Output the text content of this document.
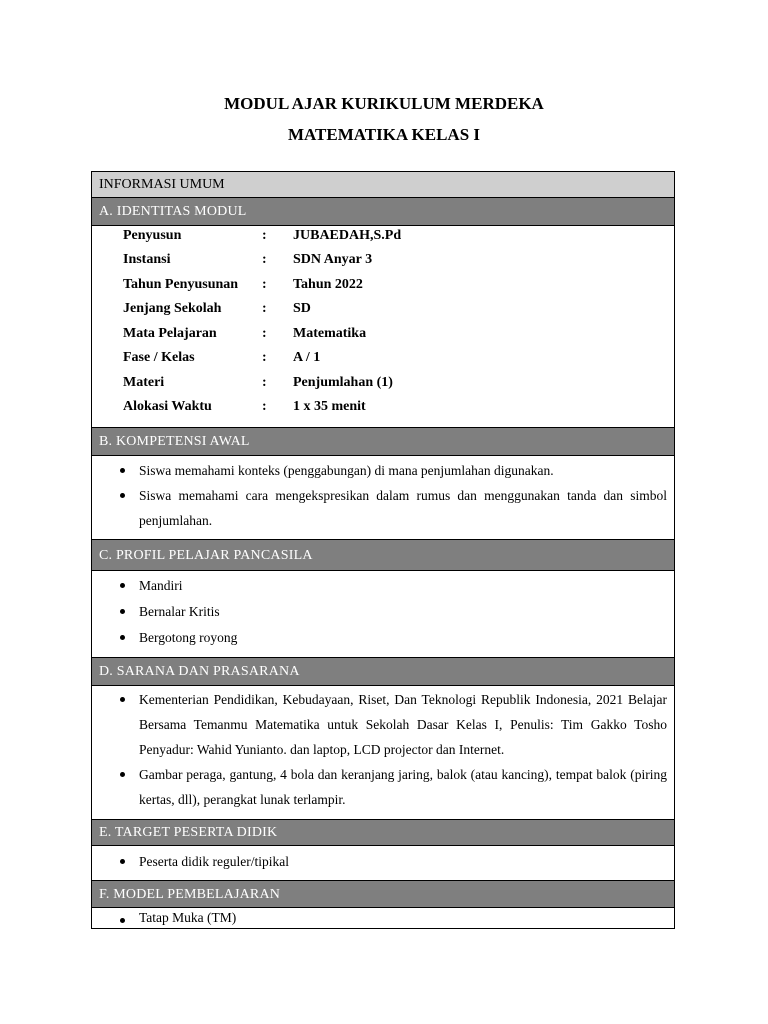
MODUL AJAR KURIKULUM MERDEKA
MATEMATIKA KELAS I
INFORMASI UMUM
A. IDENTITAS MODUL
Penyusun	: JUBAEDAH,S.Pd
Instansi	: SDN Anyar 3
Tahun Penyusunan : Tahun 2022
Jenjang Sekolah	: SD
Mata Pelajaran	: Matematika
Fase / Kelas	: A / 1
Materi	: Penjumlahan (1)
Alokasi Waktu	: 1 x 35 menit
B. KOMPETENSI AWAL
Siswa memahami konteks (penggabungan) di mana penjumlahan digunakan.
Siswa memahami cara mengekspresikan dalam rumus dan menggunakan tanda dan simbol penjumlahan.
C. PROFIL PELAJAR PANCASILA
Mandiri
Bernalar Kritis
Bergotong royong
D. SARANA DAN PRASARANA
Kementerian Pendidikan, Kebudayaan, Riset, Dan Teknologi Republik Indonesia, 2021 Belajar Bersama Temanmu Matematika untuk Sekolah Dasar Kelas I, Penulis: Tim Gakko Tosho Penyadur: Wahid Yunianto. dan laptop, LCD projector dan Internet.
Gambar peraga, gantung, 4 bola dan keranjang jaring, balok (atau kancing), tempat balok (piring kertas, dll), perangkat lunak terlampir.
E. TARGET PESERTA DIDIK
Peserta didik reguler/tipikal
F. MODEL PEMBELAJARAN
Tatap Muka (TM)
